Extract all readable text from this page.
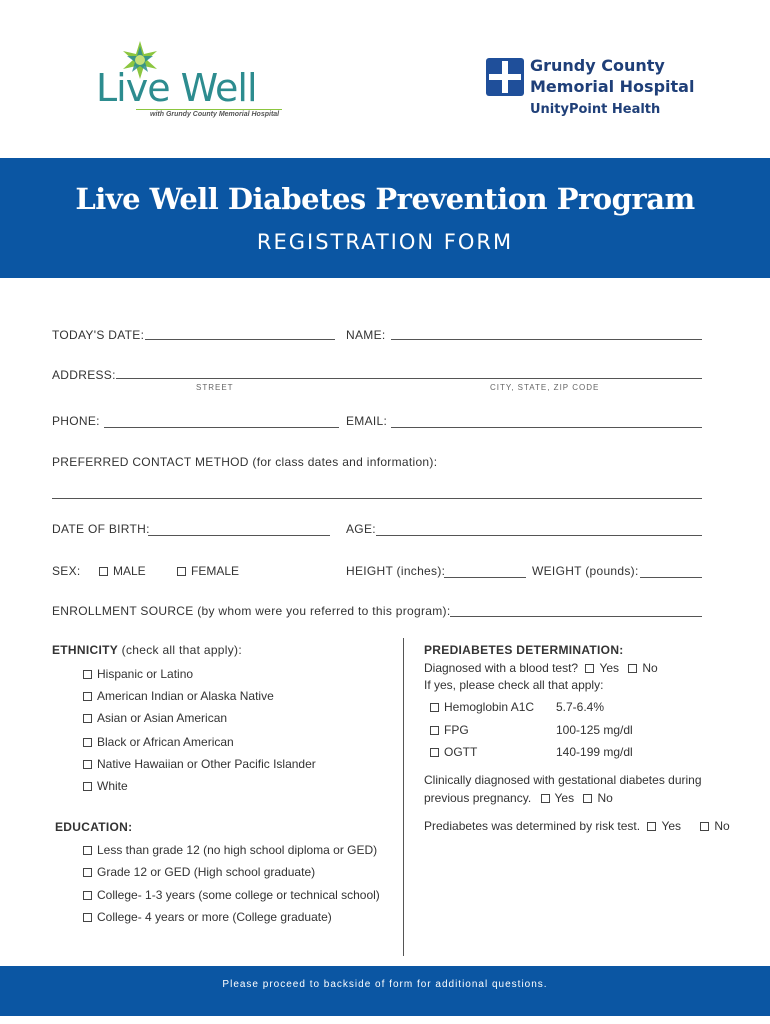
Live Well
with Grundy County Memorial Hospital
Grundy County
Memorial Hospital
UnityPoint Health
Live Well Diabetes Prevention Program
REGISTRATION FORM
TODAY'S DATE:	NAME:
ADDRESS:
STREET	CITY, STATE, ZIP CODE
PHONE:	EMAIL:
PREFERRED CONTACT METHOD (for class dates and information):
DATE OF BIRTH:	AGE:
SEX:	MALE	FEMALE	HEIGHT (inches):	WEIGHT (pounds):
ENROLLMENT SOURCE (by whom were you referred to this program):
ETHNICITY (check all that apply):
Hispanic or Latino
American Indian or Alaska Native
Asian or Asian American
Black or African American
Native Hawaiian or Other Pacific Islander
White
EDUCATION:
Less than grade 12 (no high school diploma or GED)
Grade 12 or GED (High school graduate)
College- 1-3 years (some college or technical school)
College- 4 years or more (College graduate)
PREDIABETES DETERMINATION:
Diagnosed with a blood test? Yes No
If yes, please check all that apply:
Hemoglobin A1C 5.7-6.4%
FPG	100-125 mg/dl
OGTT	140-199 mg/dl
Clinically diagnosed with gestational diabetes during
previous pregnancy. Yes No
Prediabetes was determined by risk test. Yes	No
Please proceed to backside of form for additional questions.
